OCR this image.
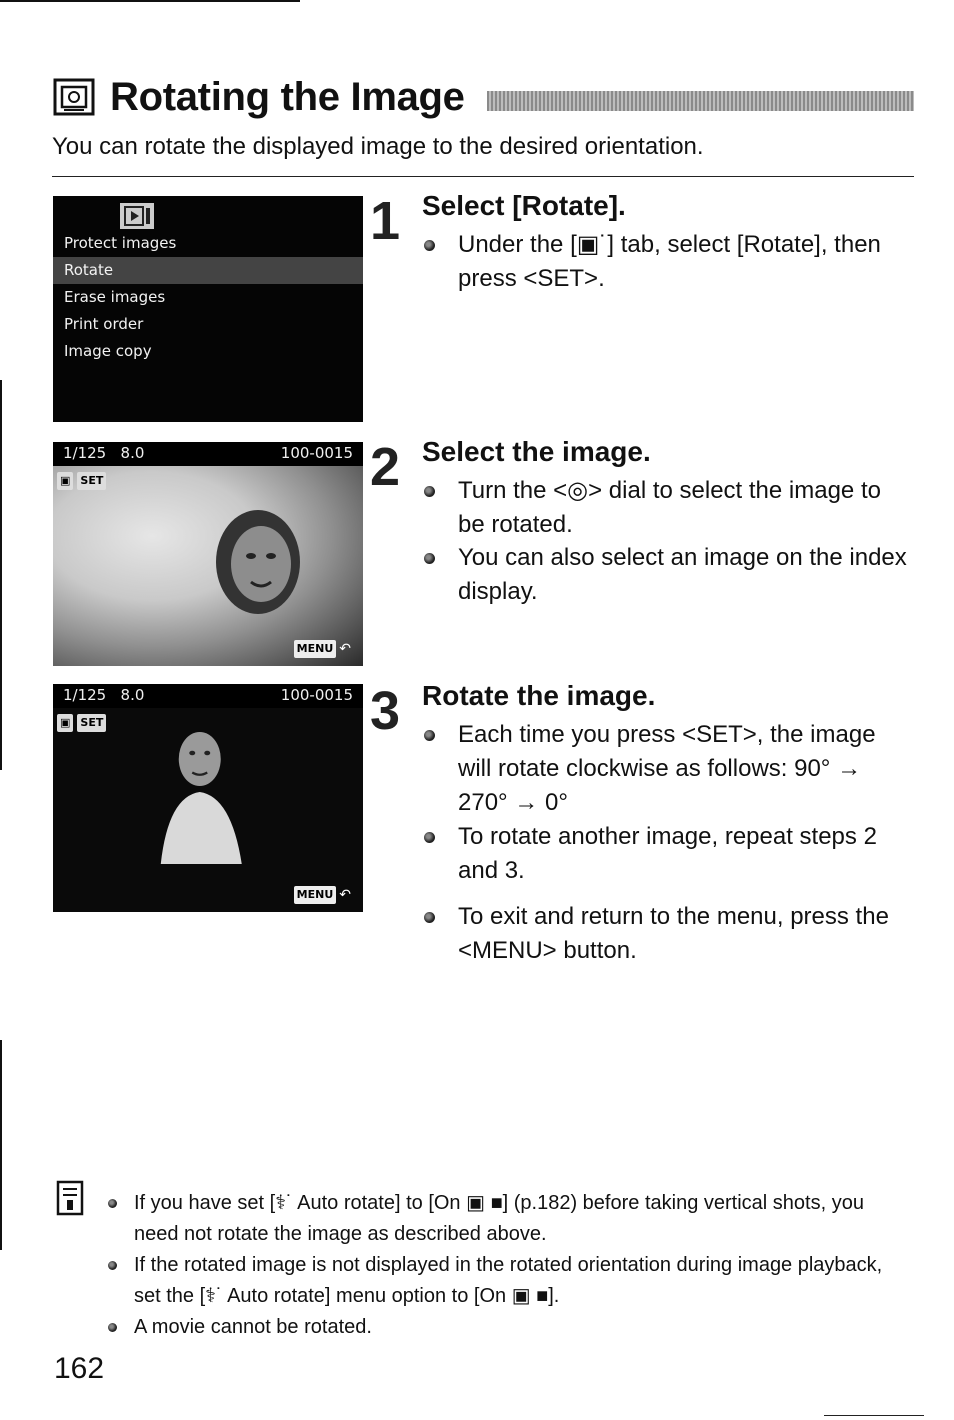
Rotating the Image
You can rotate the displayed image to the desired orientation.
Protect images
Rotate
Erase images
Print order
Image copy
1/125 8.0	100-0015
▣ SET
MENU ↶
1/125 8.0	100-0015
▣ SET
MENU ↶
1 Select [Rotate].
Under the [▣˙] tab, select [Rotate], then press <SET>.
2 Select the image.
Turn the <◎> dial to select the image to be rotated.
You can also select an image on the index display.
3 Rotate the image.
Each time you press <SET>, the image will rotate clockwise as follows: 90° → 270° → 0°
To rotate another image, repeat steps 2 and 3.
To exit and return to the menu, press the <MENU> button.
If you have set [⚕˙ Auto rotate] to [On ▣ ■] (p.182) before taking vertical shots, you need not rotate the image as described above.
If the rotated image is not displayed in the rotated orientation during image playback, set the [⚕˙ Auto rotate] menu option to [On ▣ ■].
A movie cannot be rotated.
162
